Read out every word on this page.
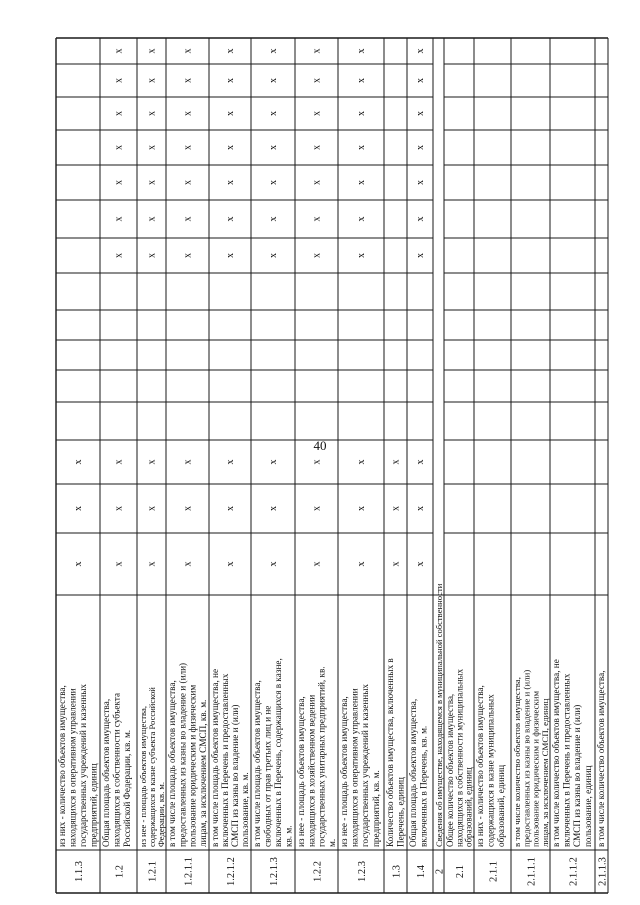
40
1.1.3
из них - количество объектов имущества, находящихся в оперативном управлении государственных учреждений и казенных предприятий, единиц
x
x
x
1.2
Общая площадь объектов имущества, находящихся в собственности субъекта Российской Федерации, кв. м.
x
x
x
x
x
x
x
x
x
x
1.2.1
из нее - площадь объектов имущества, содержащихся в казне субъекта Российской Федерации, кв. м.
x
x
x
x
x
x
x
x
x
x
1.2.1.1
в том числе площадь объектов имущества, предоставленных из казны во владение и (или) пользование юридическим и физическим лицам, за исключением СМСП, кв. м.
x
x
x
x
x
x
x
x
x
x
1.2.1.2
в том числе площадь объектов имущества, не включенных в Перечень и предоставленных СМСП из казны во владение и (или) пользование, кв. м.
x
x
x
x
x
x
x
x
x
x
1.2.1.3
в том числе площадь объектов имущества, свободных от прав третьих лиц и не включенных в Перечень, содержащихся в казне, кв. м.
x
x
x
x
x
x
x
x
x
x
1.2.2
из нее - площадь объектов имущества, находящихся в хозяйственном ведении государственных унитарных предприятий, кв. м.
x
x
x
x
x
x
x
x
x
x
1.2.3
из нее - площадь объектов имущества, находящихся в оперативном управлении государственных учреждений и казенных предприятий, кв. м.
x
x
x
x
x
x
x
x
x
x
1.3
Количество объектов имущества, включенных в Перечень, единиц
x
x
x
1.4
Общая площадь объектов имущества, включенных в Перечень, кв. м.
x
x
x
x
x
x
x
x
x
x
2
Сведения об имуществе, находящемся в муниципальной собственности
2.1
Общее количество объектов имущества, находящихся в собственности муниципальных образований, единиц
2.1.1
из них - количество объектов имущества, содержащихся в казне муниципальных образований, единиц
2.1.1.1
в том числе количество объектов имущества, предоставленных из казны во владение и (или) пользование юридическим и физическим лицам, за исключением СМСП, единиц
2.1.1.2
в том числе количество объектов имущества, не включенных в Перечень и предоставленных СМСП из казны во владение и (или) пользование, единиц
2.1.1.3
в том числе количество объектов имущества,
